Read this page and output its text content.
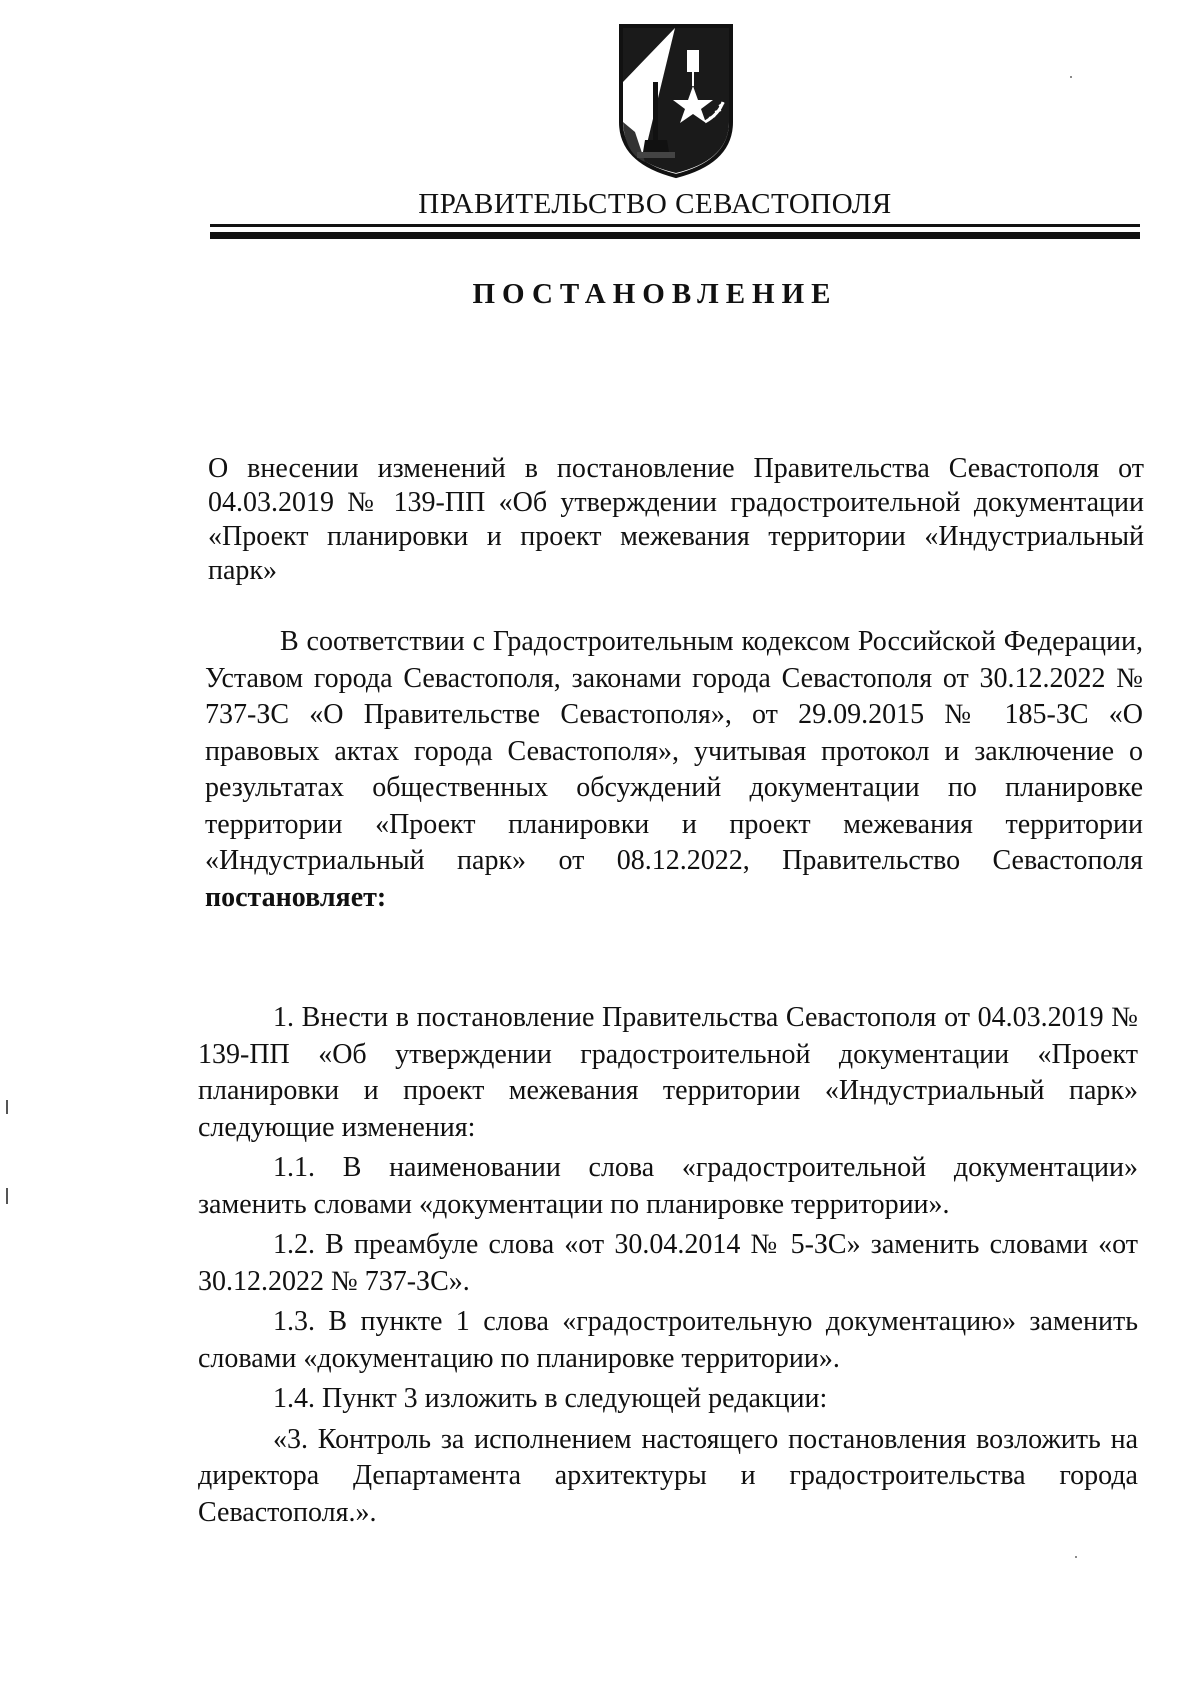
ПРАВИТЕЛЬСТВО СЕВАСТОПОЛЯ
ПОСТАНОВЛЕНИЕ
О внесении изменений в постановление Правительства Севастополя от 04.03.2019 № 139-ПП «Об утверждении градостроительной документации «Проект планировки и проект межевания территории «Индустриальный парк»
В соответствии с Градостроительным кодексом Российской Федерации, Уставом города Севастополя, законами города Севастополя от 30.12.2022 № 737-ЗС «О Правительстве Севастополя», от 29.09.2015 № 185-ЗС «О правовых актах города Севастополя», учитывая протокол и заключение о результатах общественных обсуждений документации по планировке территории «Проект планировки и проект межевания территории «Индустриальный парк» от 08.12.2022, Правительство Севастополя постановляет:

1. Внести в постановление Правительства Севастополя от 04.03.2019 № 139-ПП «Об утверждении градостроительной документации «Проект планировки и проект межевания территории «Индустриальный парк» следующие изменения:

1.1. В наименовании слова «градостроительной документации» заменить словами «документации по планировке территории».

1.2. В преамбуле слова «от 30.04.2014 № 5-ЗС» заменить словами «от 30.12.2022 № 737-ЗС».

1.3. В пункте 1 слова «градостроительную документацию» заменить словами «документацию по планировке территории».

1.4. Пункт 3 изложить в следующей редакции:

«3. Контроль за исполнением настоящего постановления возложить на директора Департамента архитектуры и градостроительства города Севастополя.».
